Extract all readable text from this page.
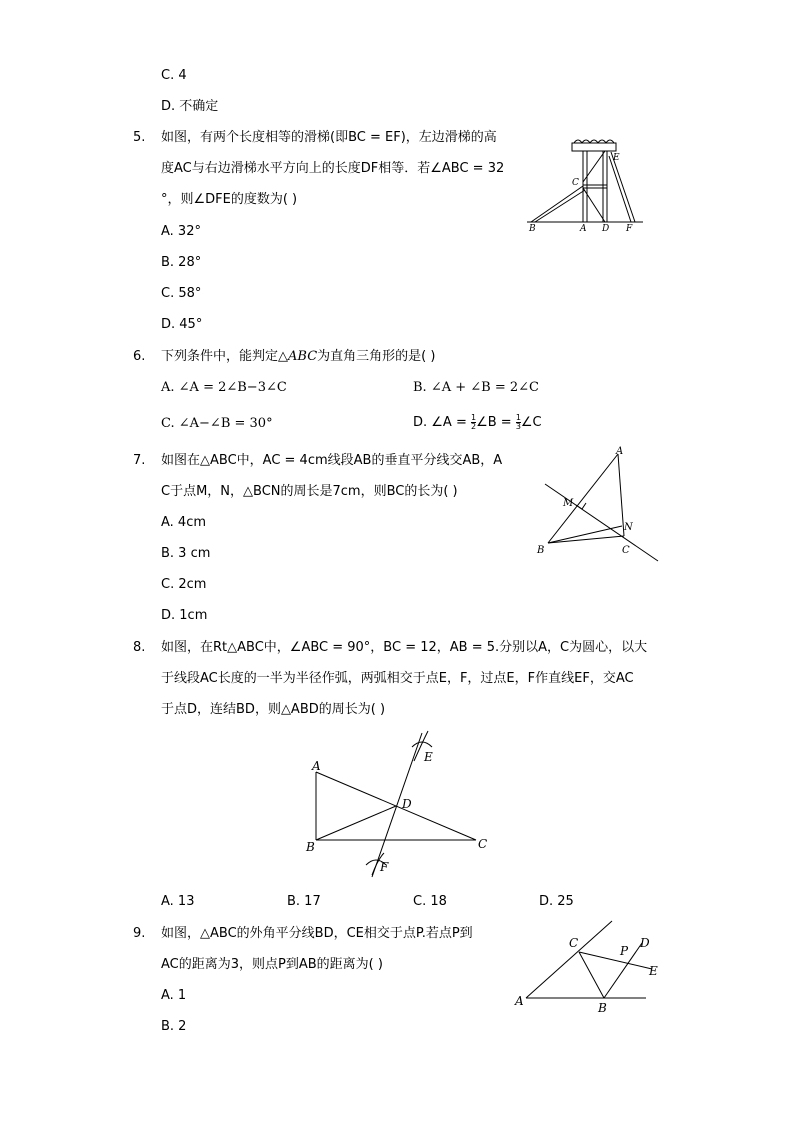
C. 4
D. 不确定
5. 如图，有两个长度相等的滑梯(即BC = EF)，左边滑梯的高
度AC与右边滑梯水平方向上的长度DF相等．若∠ABC = 32
°，则∠DFE的度数为( )
A. 32°
B. 28°
C. 58°
D. 45°
E
C
B	A D F
6. 下列条件中，能判定△ABC为直角三角形的是( )
A. ∠A = 2∠B−3∠C	B. ∠A + ∠B = 2∠C
C. ∠A−∠B = 30°	D. ∠A = $\frac{1}{2}$ ∠B = $\frac{1}{3}$ ∠C
7. 如图在△ABC中，AC = 4cm线段AB的垂直平分线交AB，A
C于点M，N，△BCN的周长是7cm，则BC的长为( )
A. 4cm
B. 3 cm
C. 2cm
D. 1cm
A
M
N
B	C
8. 如图，在Rt△ABC中，∠ABC = 90°，BC = 12，AB = 5.分别以A，C为圆心，以大
于线段AC长度的一半为半径作弧，两弧相交于点E，F，过点E，F作直线EF，交AC
于点D，连结BD，则△ABD的周长为( )
A
E
D
B	C
F
A. 13	B. 17	C. 18	D. 25
9. 如图，△ABC的外角平分线BD，CE相交于点P.若点P到
AC的距离为3，则点P到AB的距离为( )
A. 1
B. 2
C
P
D
E
A	B
